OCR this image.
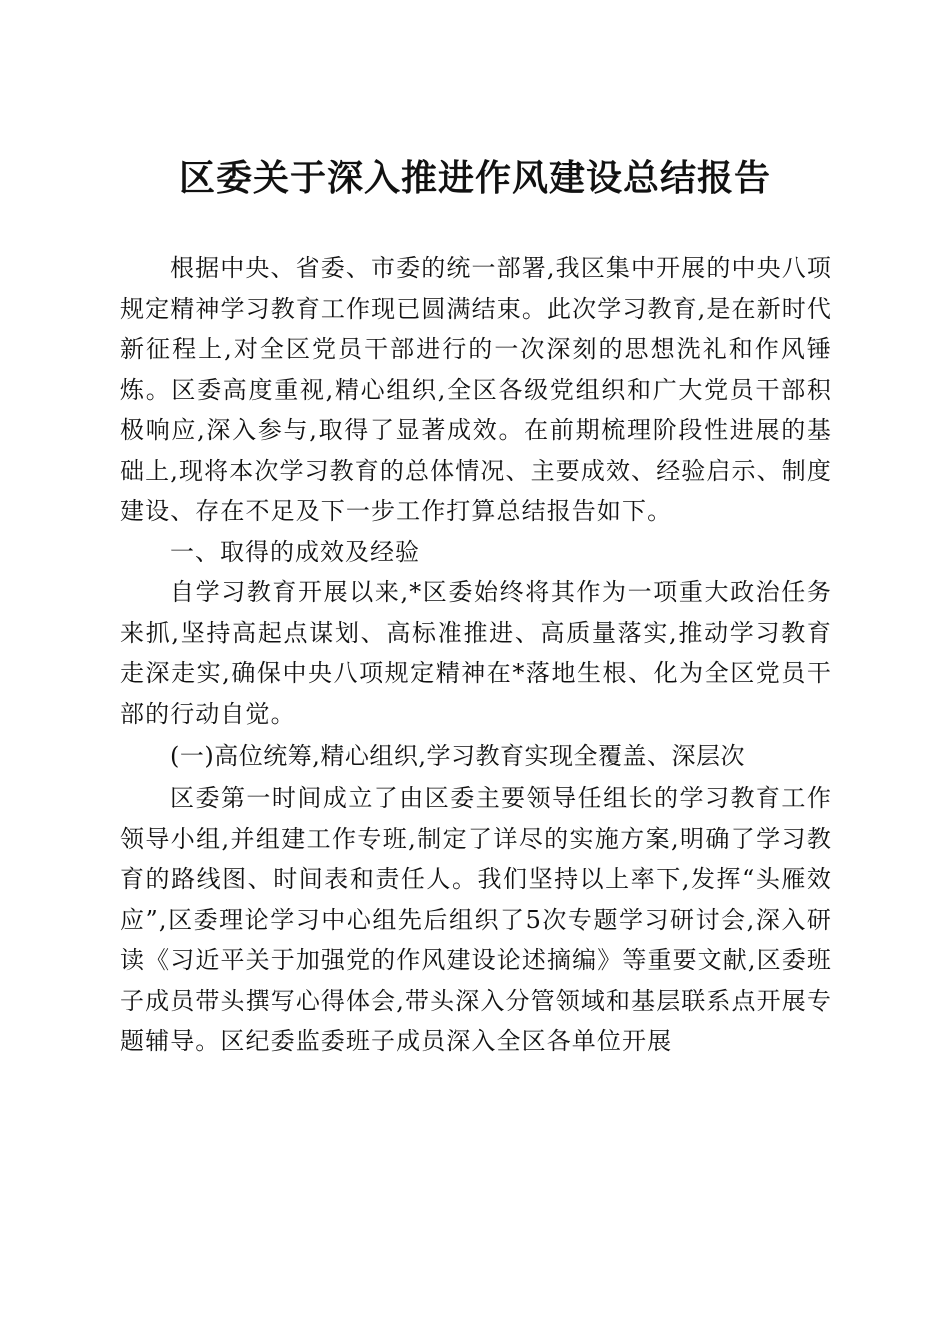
区委关于深入推进作风建设总结报告

根据中央、省委、市委的统一部署,我区集中开展的中央八项规定精神学习教育工作现已圆满结束。此次学习教育,是在新时代新征程上,对全区党员干部进行的一次深刻的思想洗礼和作风锤炼。区委高度重视,精心组织,全区各级党组织和广大党员干部积极响应,深入参与,取得了显著成效。在前期梳理阶段性进展的基础上,现将本次学习教育的总体情况、主要成效、经验启示、制度建设、存在不足及下一步工作打算总结报告如下。

一、取得的成效及经验

自学习教育开展以来,*区委始终将其作为一项重大政治任务来抓,坚持高起点谋划、高标准推进、高质量落实,推动学习教育走深走实,确保中央八项规定精神在*落地生根、化为全区党员干部的行动自觉。

(一)高位统筹,精心组织,学习教育实现全覆盖、深层次

区委第一时间成立了由区委主要领导任组长的学习教育工作领导小组,并组建工作专班,制定了详尽的实施方案,明确了学习教育的路线图、时间表和责任人。我们坚持以上率下,发挥“头雁效应”,区委理论学习中心组先后组织了5次专题学习研讨会,深入研读《习近平关于加强党的作风建设论述摘编》等重要文献,区委班子成员带头撰写心得体会,带头深入分管领域和基层联系点开展专题辅导。区纪委监委班子成员深入全区各单位开展
